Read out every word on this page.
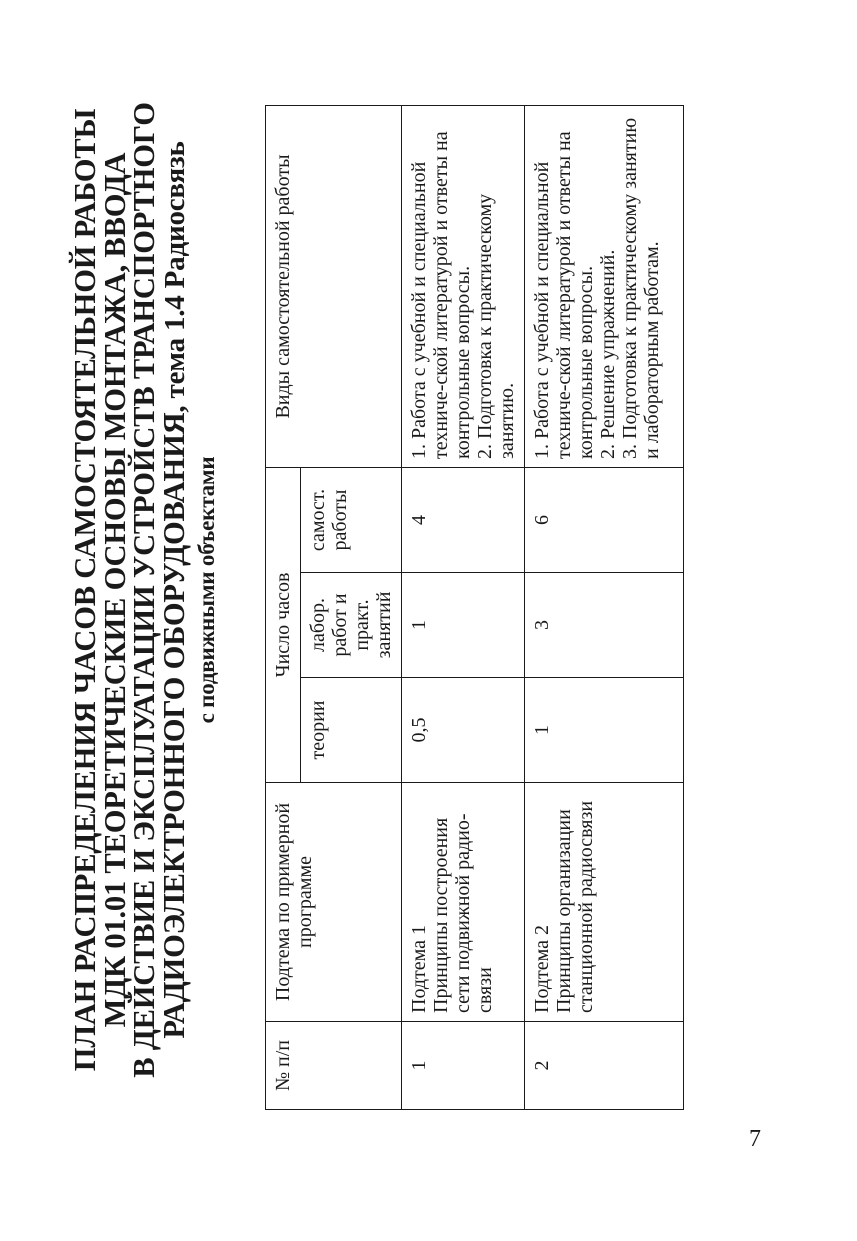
ПЛАН РАСПРЕДЕЛЕНИЯ ЧАСОВ САМОСТОЯТЕЛЬНОЙ РАБОТЫ
МДК 01.01 ТЕОРЕТИЧЕСКИЕ ОСНОВЫ МОНТАЖА, ВВОДА
В ДЕЙСТВИЕ И ЭКСПЛУАТАЦИИ УСТРОЙСТВ ТРАНСПОРТНОГО
РАДИОЭЛЕКТРОННОГО ОБОРУДОВАНИЯ, тема 1.4 Радиосвязь
с подвижными объектами
№ п/п	Подтема по примерной программе	Число часов			Виды самостоятельной работы
		теории	лабор. работ и практ. занятий	самост. работы	
1	Подтема 1 Принципы построения сети подвижной радио-связи	0,5	1	4	1. Работа с учебной и специальной техниче-ской литературой и ответы на контрольные вопросы. 2. Подготовка к практическому занятию.

2	Подтема 2 Принципы организации станционной радиосвязи	1	3	6	1. Работа с учебной и специальной техниче-ской литературой и ответы на контрольные вопросы. 2. Решение упражнений. 3. Подготовка к практическому занятию и лабораторным работам.
7
